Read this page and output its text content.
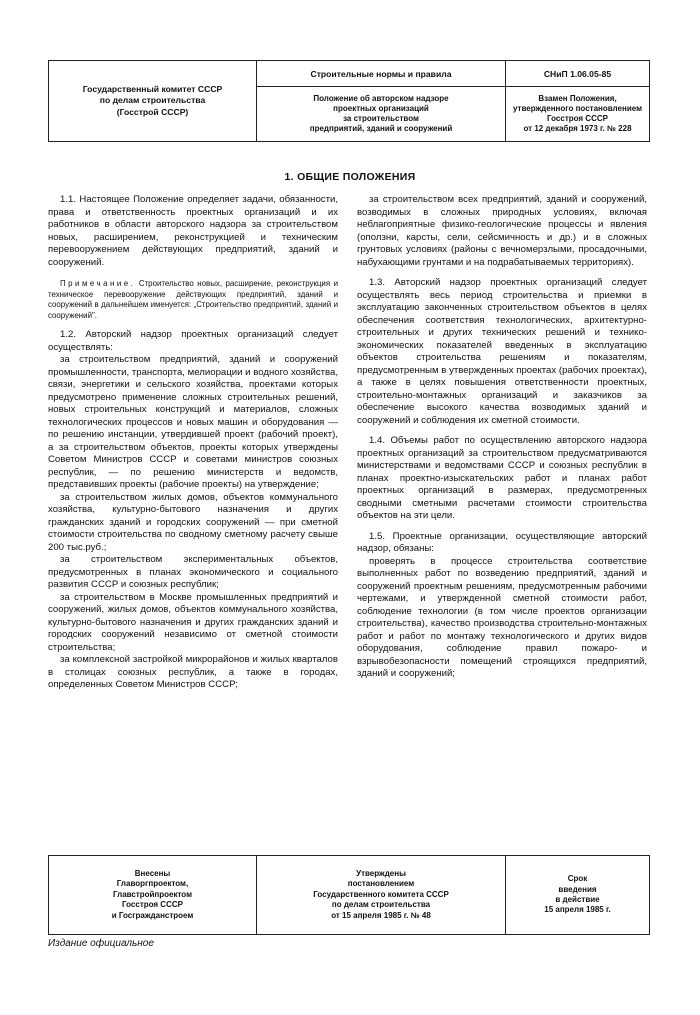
Государственный комитет СССР
по делам строительства
(Госстрой СССР)
Строительные нормы и правила
Положение об авторском надзоре
проектных организаций
за строительством
предприятий, зданий и сооружений
СНиП 1.06.05-85
Взамен Положения,
утвержденного постановлением
Госстроя СССР
от 12 декабря 1973 г. № 228
1. ОБЩИЕ ПОЛОЖЕНИЯ

1.1. Настоящее Положение определяет задачи, обязанности, права и ответственность проектных организаций и их работников в области авторского надзора за строительством новых, расширением, реконструкцией и техническим перевооружением действующих предприятий, зданий и сооружений.

Примечание. Строительство новых, расширение, реконструкция и техническое перевооружение действующих предприятий, зданий и сооружений в дальнейшем именуется: „Строительство предприятий, зданий и сооружений".

1.2. Авторский надзор проектных организаций следует осуществлять:

за строительством предприятий, зданий и сооружений промышленности, транспорта, мелиорации и водного хозяйства, связи, энергетики и сельского хозяйства, проектами которых предусмотрено применение сложных строительных решений, новых строительных конструкций и материалов, сложных технологических процессов и новых машин и оборудования — по решению инстанции, утвердившей проект (рабочий проект), а за строительством объектов, проекты которых утверждены Советом Министров СССР и советами министров союзных республик, — по решению министерств и ведомств, представивших проекты (рабочие проекты) на утверждение;

за строительством жилых домов, объектов коммунального хозяйства, культурно-бытового назначения и других гражданских зданий и городских сооружений — при сметной стоимости строительства по сводному сметному расчету свыше 200 тыс.руб.;

за строительством экспериментальных объектов, предусмотренных в планах экономического и социального развития СССР и союзных республик;

за строительством в Москве промышленных предприятий и сооружений, жилых домов, объектов коммунального хозяйства, культурно-бытового назначения и других гражданских зданий и городских сооружений независимо от сметной стоимости строительства;

за комплексной застройкой микрорайонов и жилых кварталов в столицах союзных республик, а также в городах, определенных Советом Министров СССР;

за строительством всех предприятий, зданий и сооружений, возводимых в сложных природных условиях, включая неблагоприятные физико-геологические процессы и явления (оползни, карсты, сели, сейсмичность и др.) и в сложных грунтовых условиях (районы с вечномерзлыми, просадочными, набухающими грунтами и на подрабатываемых территориях).

1.3. Авторский надзор проектных организаций следует осуществлять весь период строительства и приемки в эксплуатацию законченных строительством объектов в целях обеспечения соответствия технологических, архитектурно-строительных и других технических решений и технико-экономических показателей введенных в эксплуатацию объектов строительства решениям и показателям, предусмотренным в утвержденных проектах (рабочих проектах), а также в целях повышения ответственности проектных, строительно-монтажных организаций и заказчиков за обеспечение высокого качества возводимых зданий и сооружений и соблюдения их сметной стоимости.

1.4. Объемы работ по осуществлению авторского надзора проектных организаций за строительством предусматриваются министерствами и ведомствами СССР и союзных республик в планах проектно-изыскательских работ и планах работ проектных организаций в размерах, предусмотренных сводными сметными расчетами стоимости строительства объектов на эти цели.

1.5. Проектные организации, осуществляющие авторский надзор, обязаны:

проверять в процессе строительства соответствие выполненных работ по возведению предприятий, зданий и сооружений проектным решениям, предусмотренным рабочими чертежами, и утвержденной сметной стоимости работ, соблюдение технологии (в том числе проектов организации строительства), качество производства строительно-монтажных работ и работ по монтажу технологического и других видов оборудования, соблюдение правил пожаро- и взрывобезопасности помещений строящихся предприятий, зданий и сооружений;

Внесены
Главоргпроектом,
Главстройпроектом
Госстроя СССР
и Госгражданстроем
Утверждены
постановлением
Государственного комитета СССР
по делам строительства
от 15 апреля 1985 г. № 48
Срок
введения
в действие
15 апреля 1985 г.
Издание официальное
